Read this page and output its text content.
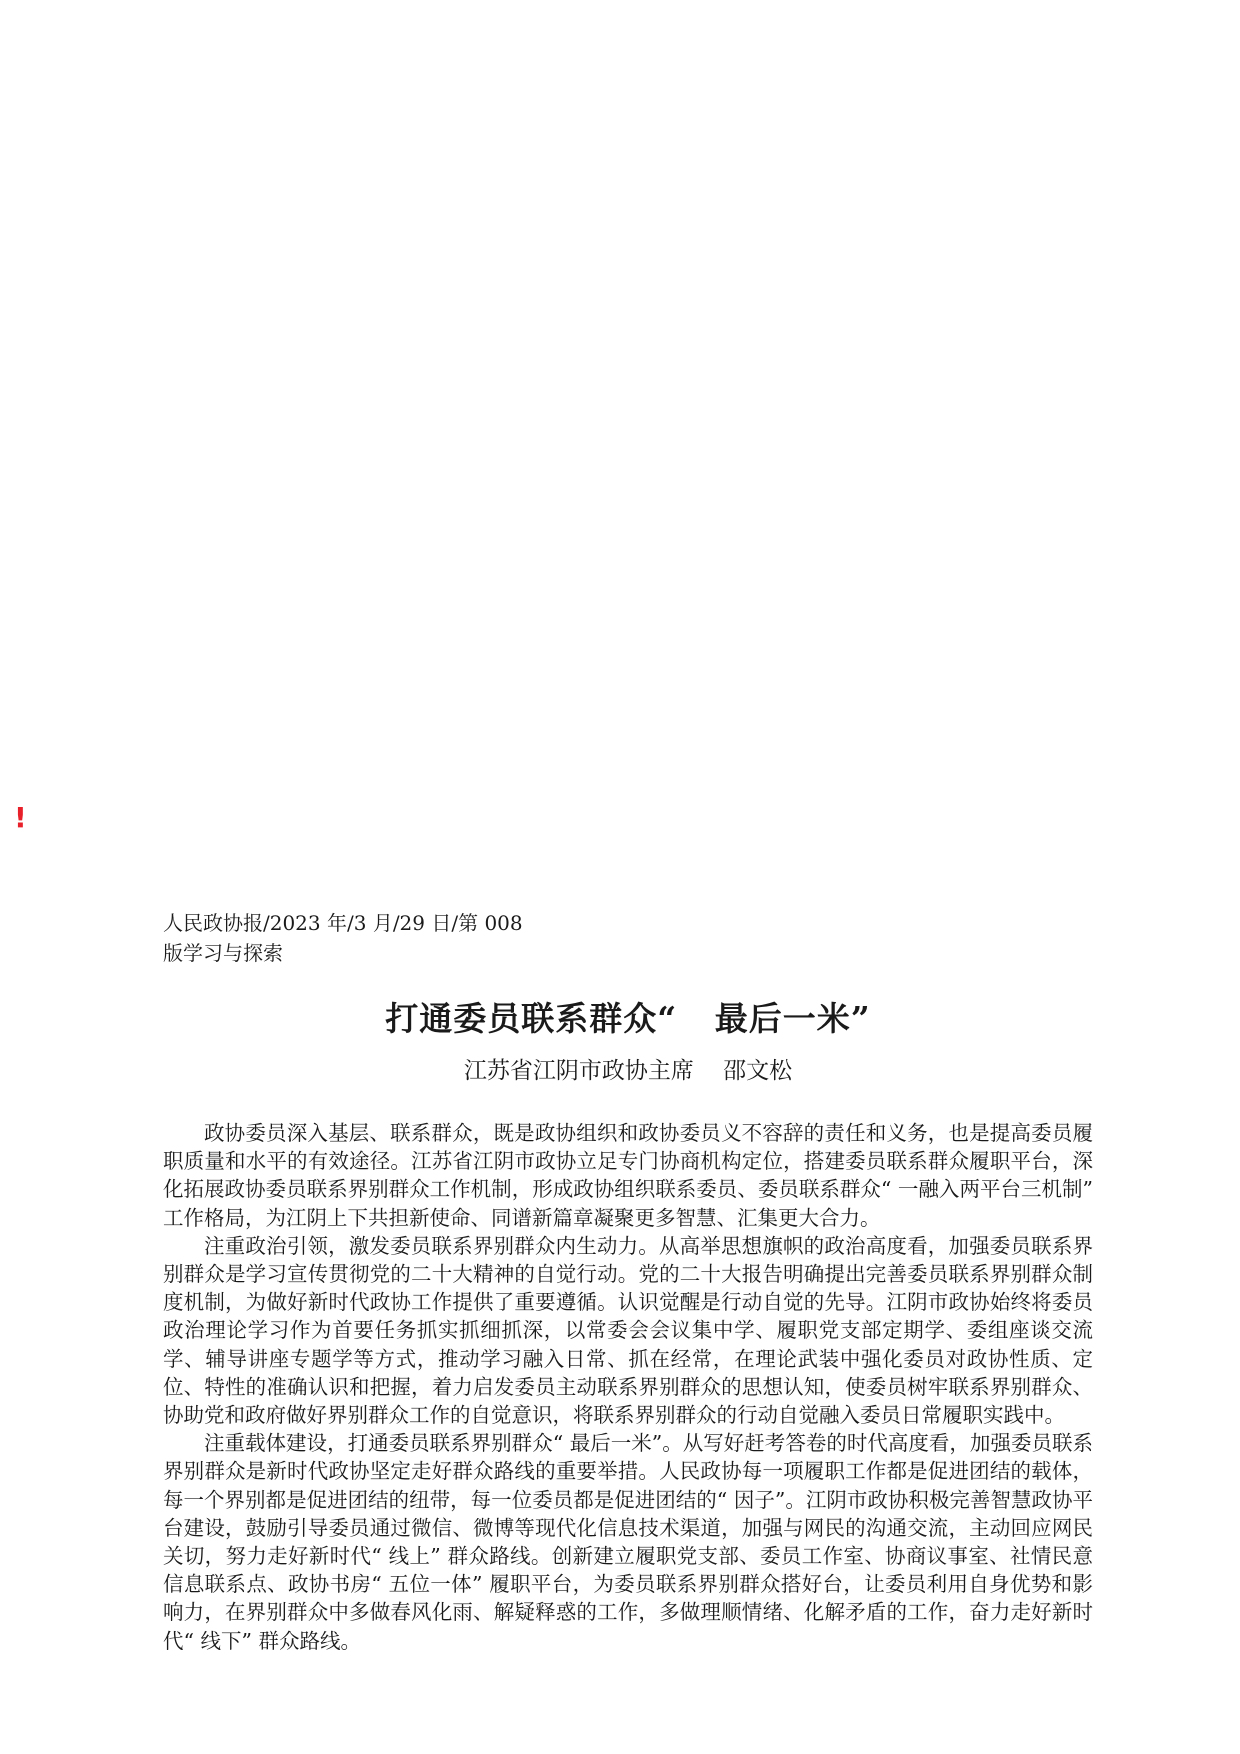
!

人民政协报/2023 年/3 月/29 日/第 008

版学习与探索

打通委员联系群众“   最后一米”
江苏省江阴市政协主席    邵文松

政协委员深入基层、联系群众，既是政协组织和政协委员义不容辞的责任和义务，也是提高委员履职质量和水平的有效途径。江苏省江阴市政协立足专门协商机构定位，搭建委员联系群众履职平台，深化拓展政协委员联系界别群众工作机制，形成政协组织联系委员、委员联系群众“ 一融入两平台三机制” 工作格局，为江阴上下共担新使命、同谱新篇章凝聚更多智慧、汇集更大合力。

注重政治引领，激发委员联系界别群众内生动力。从高举思想旗帜的政治高度看，加强委员联系界别群众是学习宣传贯彻党的二十大精神的自觉行动。党的二十大报告明确提出完善委员联系界别群众制度机制，为做好新时代政协工作提供了重要遵循。认识觉醒是行动自觉的先导。江阴市政协始终将委员政治理论学习作为首要任务抓实抓细抓深，以常委会会议集中学、履职党支部定期学、委组座谈交流学、辅导讲座专题学等方式，推动学习融入日常、抓在经常，在理论武装中强化委员对政协性质、定位、特性的准确认识和把握，着力启发委员主动联系界别群众的思想认知，使委员树牢联系界别群众、协助党和政府做好界别群众工作的自觉意识，将联系界别群众的行动自觉融入委员日常履职实践中。

注重载体建设，打通委员联系界别群众“ 最后一米”。从写好赶考答卷的时代高度看，加强委员联系界别群众是新时代政协坚定走好群众路线的重要举措。人民政协每一项履职工作都是促进团结的载体，每一个界别都是促进团结的纽带，每一位委员都是促进团结的“ 因子”。江阴市政协积极完善智慧政协平台建设，鼓励引导委员通过微信、微博等现代化信息技术渠道，加强与网民的沟通交流，主动回应网民关切，努力走好新时代“ 线上” 群众路线。创新建立履职党支部、委员工作室、协商议事室、社情民意信息联系点、政协书房“ 五位一体” 履职平台，为委员联系界别群众搭好台，让委员利用自身优势和影响力，在界别群众中多做春风化雨、解疑释惑的工作，多做理顺情绪、化解矛盾的工作，奋力走好新时代“ 线下” 群众路线。
